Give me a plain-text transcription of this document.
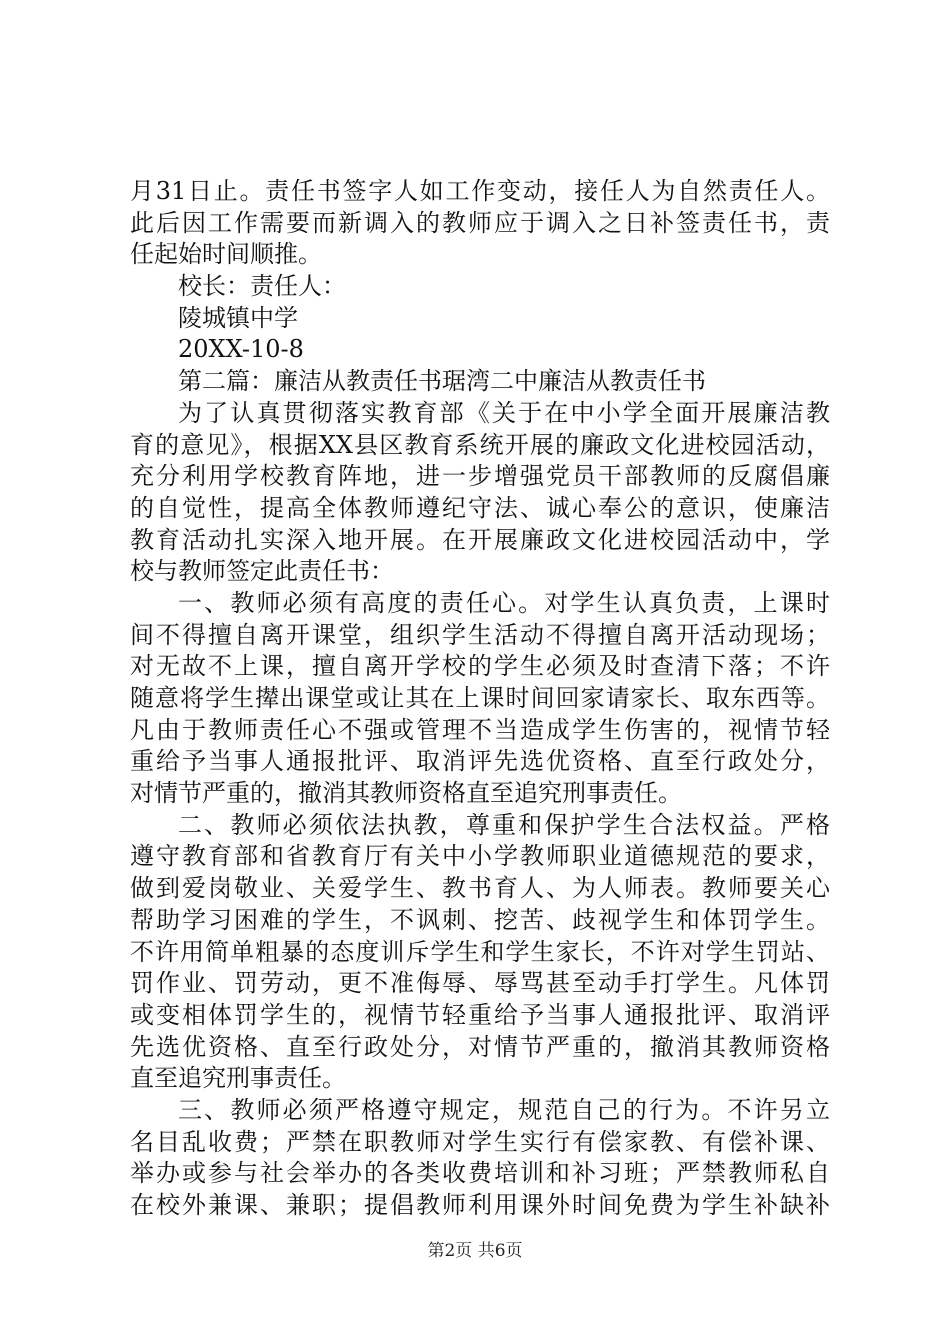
月31日止。责任书签字人如工作变动，接任人为自然责任人。
此后因工作需要而新调入的教师应于调入之日补签责任书，责
任起始时间顺推。
校长：责任人：
陵城镇中学
20XX-10-8
第二篇：廉洁从教责任书琚湾二中廉洁从教责任书
为了认真贯彻落实教育部《关于在中小学全面开展廉洁教
育的意见》，根据XX县区教育系统开展的廉政文化进校园活动，
充分利用学校教育阵地，进一步增强党员干部教师的反腐倡廉
的自觉性，提高全体教师遵纪守法、诚心奉公的意识，使廉洁
教育活动扎实深入地开展。在开展廉政文化进校园活动中，学
校与教师签定此责任书：
一、教师必须有高度的责任心。对学生认真负责，上课时
间不得擅自离开课堂，组织学生活动不得擅自离开活动现场；
对无故不上课，擅自离开学校的学生必须及时查清下落；不许
随意将学生撵出课堂或让其在上课时间回家请家长、取东西等。
凡由于教师责任心不强或管理不当造成学生伤害的，视情节轻
重给予当事人通报批评、取消评先选优资格、直至行政处分，
对情节严重的，撤消其教师资格直至追究刑事责任。
二、教师必须依法执教，尊重和保护学生合法权益。严格
遵守教育部和省教育厅有关中小学教师职业道德规范的要求，
做到爱岗敬业、关爱学生、教书育人、为人师表。教师要关心
帮助学习困难的学生，不讽刺、挖苦、歧视学生和体罚学生。
不许用简单粗暴的态度训斥学生和学生家长，不许对学生罚站、
罚作业、罚劳动，更不准侮辱、辱骂甚至动手打学生。凡体罚
或变相体罚学生的，视情节轻重给予当事人通报批评、取消评
先选优资格、直至行政处分，对情节严重的，撤消其教师资格
直至追究刑事责任。
三、教师必须严格遵守规定，规范自己的行为。不许另立
名目乱收费；严禁在职教师对学生实行有偿家教、有偿补课、
举办或参与社会举办的各类收费培训和补习班；严禁教师私自
在校外兼课、兼职；提倡教师利用课外时间免费为学生补缺补
第2页 共6页
